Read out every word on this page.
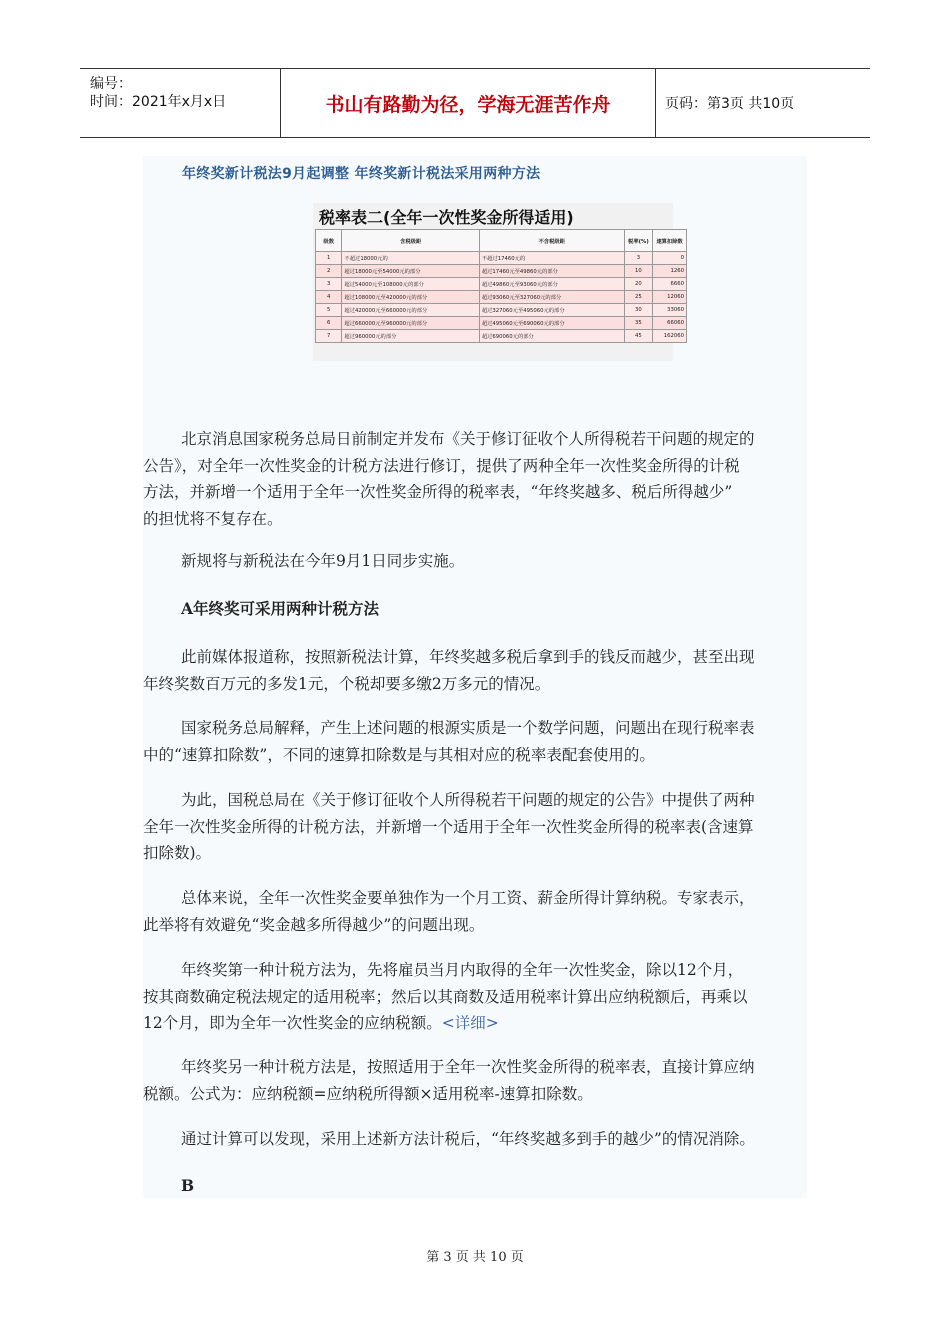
编号：
时间：2021年x月x日	书山有路勤为径，学海无涯苦作舟	页码：第3页 共10页
年终奖新计税法9月起调整 年终奖新计税法采用两种方法
税率表二(全年一次性奖金所得适用)
级数	含税级距	不含税级距	税率(%)	速算扣除数
1	不超过18000元的	不超过17460元的	3	0
2	超过18000元至54000元的部分	超过17460元至49860元的部分	10	1260
3	超过54000元至108000元的部分	超过49860元至93060元的部分	20	6660
4	超过108000元至420000元的部分	超过93060元至327060元的部分	25	12060
5	超过420000元至660000元的部分	超过327060元至495060元的部分	30	33060
6	超过660000元至960000元的部分	超过495060元至690060元的部分	35	66060
7	超过960000元的部分	超过690060元的部分	45	162060
北京消息国家税务总局日前制定并发布《关于修订征收个人所得税若干问题的规定的
公告》，对全年一次性奖金的计税方法进行修订，提供了两种全年一次性奖金所得的计税
方法，并新增一个适用于全年一次性奖金所得的税率表，“年终奖越多、税后所得越少”
的担忧将不复存在。
新规将与新税法在今年9月1日同步实施。
A年终奖可采用两种计税方法
此前媒体报道称，按照新税法计算，年终奖越多税后拿到手的钱反而越少，甚至出现
年终奖数百万元的多发1元，个税却要多缴2万多元的情况。
国家税务总局解释，产生上述问题的根源实质是一个数学问题，问题出在现行税率表
中的“速算扣除数”，不同的速算扣除数是与其相对应的税率表配套使用的。
为此，国税总局在《关于修订征收个人所得税若干问题的规定的公告》中提供了两种
全年一次性奖金所得的计税方法，并新增一个适用于全年一次性奖金所得的税率表(含速算
扣除数)。
总体来说，全年一次性奖金要单独作为一个月工资、薪金所得计算纳税。专家表示，
此举将有效避免“奖金越多所得越少”的问题出现。
年终奖第一种计税方法为，先将雇员当月内取得的全年一次性奖金，除以12个月，
按其商数确定税法规定的适用税率；然后以其商数及适用税率计算出应纳税额后，再乘以
12个月，即为全年一次性奖金的应纳税额。<详细>
年终奖另一种计税方法是，按照适用于全年一次性奖金所得的税率表，直接计算应纳
税额。公式为：应纳税额=应纳税所得额×适用税率-速算扣除数。
通过计算可以发现，采用上述新方法计税后，“年终奖越多到手的越少”的情况消除。
B
第 3 页 共 10 页
